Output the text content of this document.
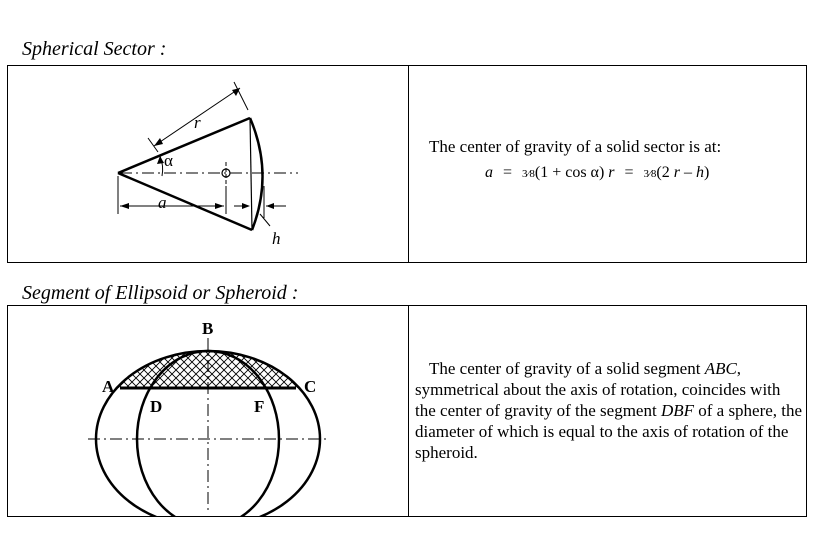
Spherical Sector :
r
α
a
h
The center of gravity of a solid sector is at:
a = 3⁄8(1 + cos α) r = 3⁄8(2 r – h)
Segment of Ellipsoid or Spheroid :
B
A	C
D	F
The center of gravity of a solid segment ABC, symmetrical about the axis of rotation, coincides with the center of gravity of the segment DBF of a sphere, the diameter of which is equal to the axis of rotation of the spheroid.
